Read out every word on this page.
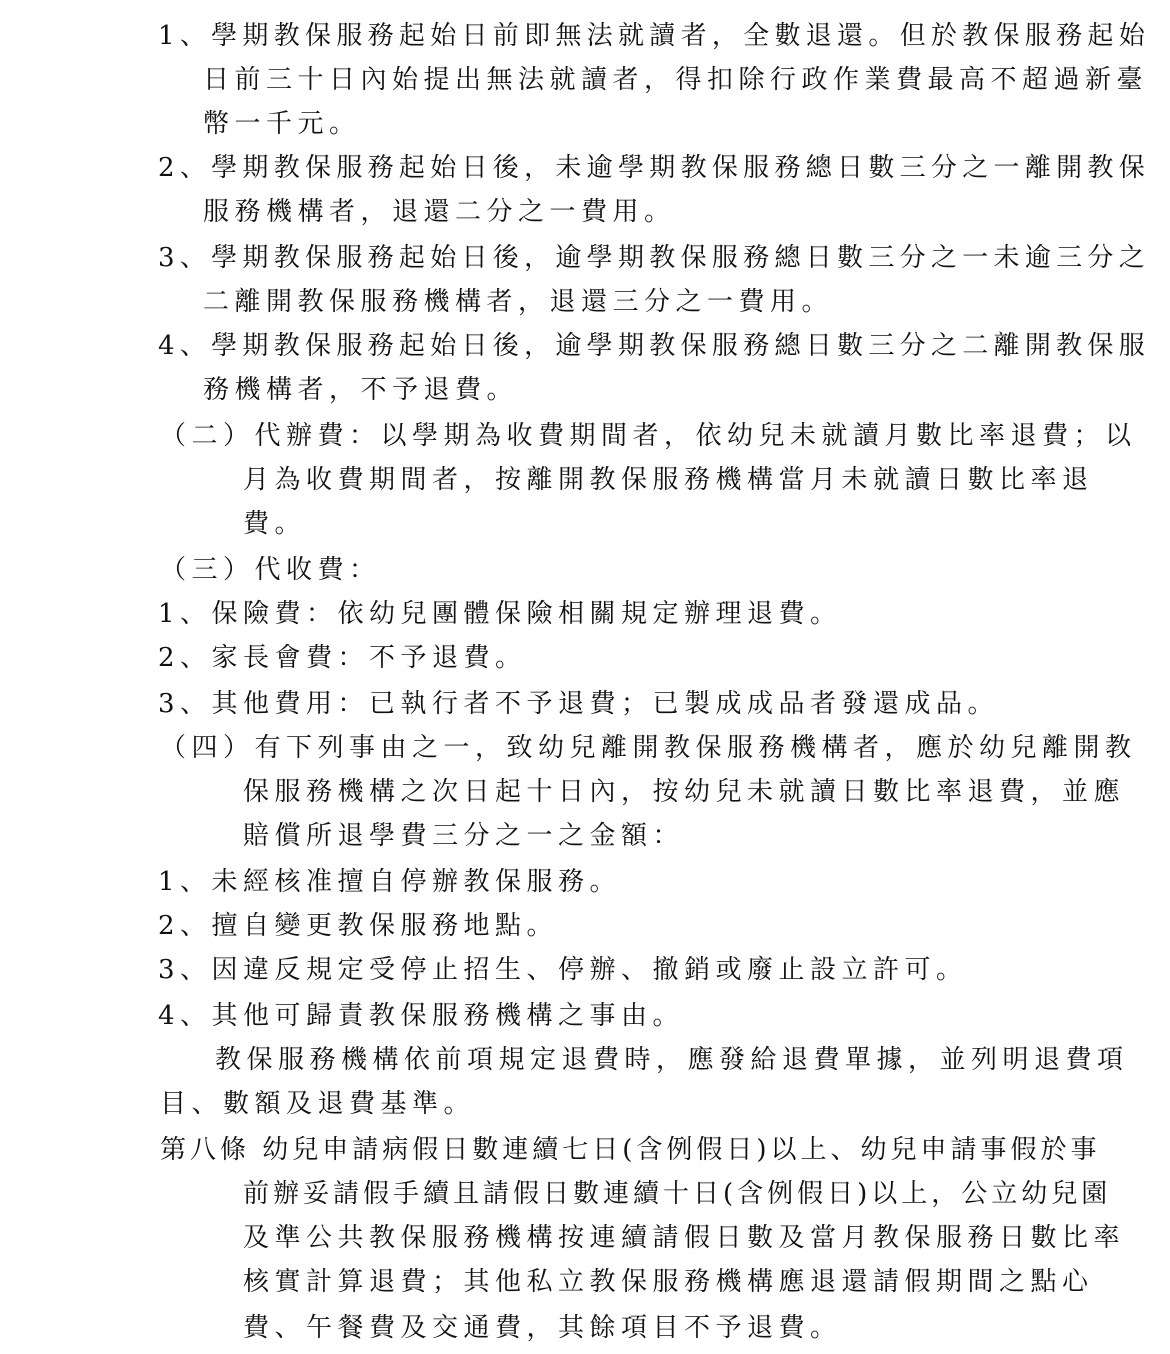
1、學期教保服務起始日前即無法就讀者，全數退還。但於教保服務起始
日前三十日內始提出無法就讀者，得扣除行政作業費最高不超過新臺
幣一千元。
2、學期教保服務起始日後，未逾學期教保服務總日數三分之一離開教保
服務機構者，退還二分之一費用。
3、學期教保服務起始日後，逾學期教保服務總日數三分之一未逾三分之
二離開教保服務機構者，退還三分之一費用。
4、學期教保服務起始日後，逾學期教保服務總日數三分之二離開教保服
務機構者，不予退費。
（二）代辦費：以學期為收費期間者，依幼兒未就讀月數比率退費；以
月為收費期間者，按離開教保服務機構當月未就讀日數比率退
費。
（三）代收費：
1、保險費：依幼兒團體保險相關規定辦理退費。
2、家長會費：不予退費。
3、其他費用：已執行者不予退費；已製成成品者發還成品。
（四）有下列事由之一，致幼兒離開教保服務機構者，應於幼兒離開教
保服務機構之次日起十日內，按幼兒未就讀日數比率退費，並應
賠償所退學費三分之一之金額：
1、未經核准擅自停辦教保服務。
2、擅自變更教保服務地點。
3、因違反規定受停止招生、停辦、撤銷或廢止設立許可。
4、其他可歸責教保服務機構之事由。
教保服務機構依前項規定退費時，應發給退費單據，並列明退費項
目、數額及退費基準。
第八條 幼兒申請病假日數連續七日(含例假日)以上、幼兒申請事假於事
前辦妥請假手續且請假日數連續十日(含例假日)以上，公立幼兒園
及準公共教保服務機構按連續請假日數及當月教保服務日數比率
核實計算退費；其他私立教保服務機構應退還請假期間之點心
費、午餐費及交通費，其餘項目不予退費。
